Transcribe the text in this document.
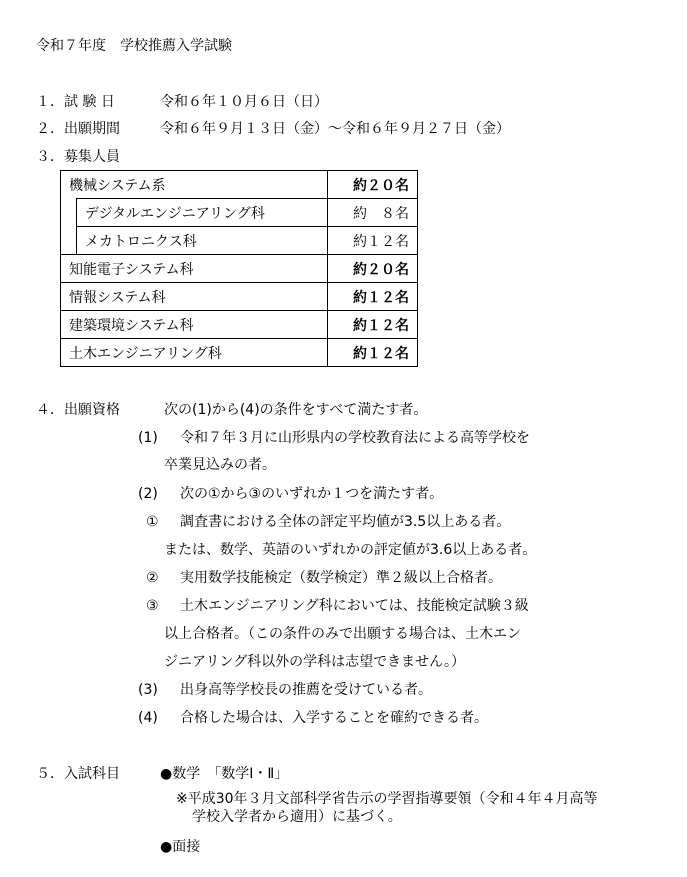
令和７年度　学校推薦入学試験
１．試 験 日	令和６年１０月６日（日）
２．出願期間	令和６年９月１３日（金）〜令和６年９月２７日（金）
３．募集人員
機械システム系		約２０名
	デジタルエンジニアリング科	約　８名
	メカトロニクス科	約１２名
知能電子システム科		約２０名
情報システム科		約１２名
建築環境システム科		約１２名
土木エンジニアリング科		約１２名
４．出願資格	次の(1)から(4)の条件をすべて満たす者。
(1) 令和７年３月に山形県内の学校教育法による高等学校を
卒業見込みの者。
(2) 次の①から③のいずれか１つを満たす者。
① 調査書における全体の評定平均値が3.5以上ある者。
または、数学、英語のいずれかの評定値が3.6以上ある者。
② 実用数学技能検定（数学検定）準２級以上合格者。
③ 土木エンジニアリング科においては、技能検定試験３級
以上合格者。（この条件のみで出願する場合は、土木エン
ジニアリング科以外の学科は志望できません。）
(3) 出身高等学校長の推薦を受けている者。
(4) 合格した場合は、入学することを確約できる者。
５．入試科目	●数学　「数学Ⅰ・Ⅱ」
※平成30年３月文部科学省告示の学習指導要領（令和４年４月高等
学校入学者から適用）に基づく。
●面接
